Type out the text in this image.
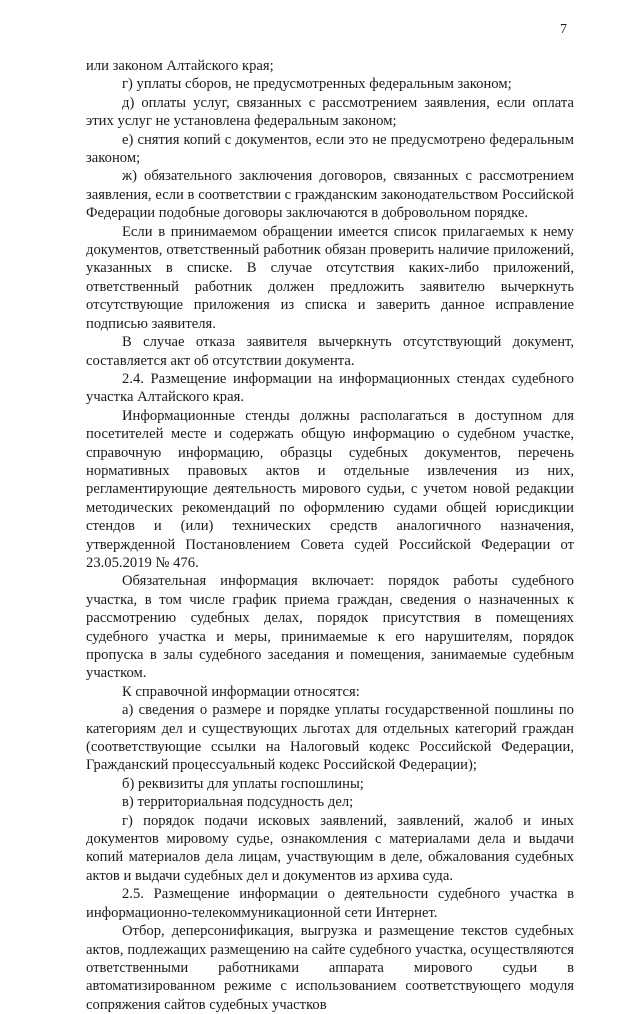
7

или законом Алтайского края;

г) уплаты сборов, не предусмотренных федеральным законом;

д) оплаты услуг, связанных с рассмотрением заявления, если оплата этих услуг не установлена федеральным законом;

е) снятия копий с документов, если это не предусмотрено федеральным законом;

ж) обязательного заключения договоров, связанных с рассмотрением заявления, если в соответствии с гражданским законодательством Российской Федерации подобные договоры заключаются в добровольном порядке.

Если в принимаемом обращении имеется список прилагаемых к нему документов, ответственный работник обязан проверить наличие приложений, указанных в списке. В случае отсутствия каких-либо приложений, ответственный работник должен предложить заявителю вычеркнуть отсутствующие приложения из списка и заверить данное исправление подписью заявителя.

В случае отказа заявителя вычеркнуть отсутствующий документ, составляется акт об отсутствии документа.

2.4. Размещение информации на информационных стендах судебного участка Алтайского края.

Информационные стенды должны располагаться в доступном для посетителей месте и содержать общую информацию о судебном участке, справочную информацию, образцы судебных документов, перечень нормативных правовых актов и отдельные извлечения из них, регламентирующие деятельность мирового судьи, с учетом новой редакции методических рекомендаций по оформлению судами общей юрисдикции стендов и (или) технических средств аналогичного назначения, утвержденной Постановлением Совета судей Российской Федерации от 23.05.2019 № 476.

Обязательная информация включает: порядок работы судебного участка, в том числе график приема граждан, сведения о назначенных к рассмотрению судебных делах, порядок присутствия в помещениях судебного участка и меры, принимаемые к его нарушителям, порядок пропуска в залы судебного заседания и помещения, занимаемые судебным участком.

К справочной информации относятся:

а) сведения о размере и порядке уплаты государственной пошлины по категориям дел и существующих льготах для отдельных категорий граждан (соответствующие ссылки на Налоговый кодекс Российской Федерации, Гражданский процессуальный кодекс Российской Федерации);

б) реквизиты для уплаты госпошлины;

в) территориальная подсудность дел;

г) порядок подачи исковых заявлений, заявлений, жалоб и иных документов мировому судье, ознакомления с материалами дела и выдачи копий материалов дела лицам, участвующим в деле, обжалования судебных актов и выдачи судебных дел и документов из архива суда.

2.5. Размещение информации о деятельности судебного участка в информационно-телекоммуникационной сети Интернет.

Отбор, деперсонификация, выгрузка и размещение текстов судебных актов, подлежащих размещению на сайте судебного участка, осуществляются ответственными работниками аппарата мирового судьи в автоматизированном режиме с использованием соответствующего модуля сопряжения сайтов судебных участков
